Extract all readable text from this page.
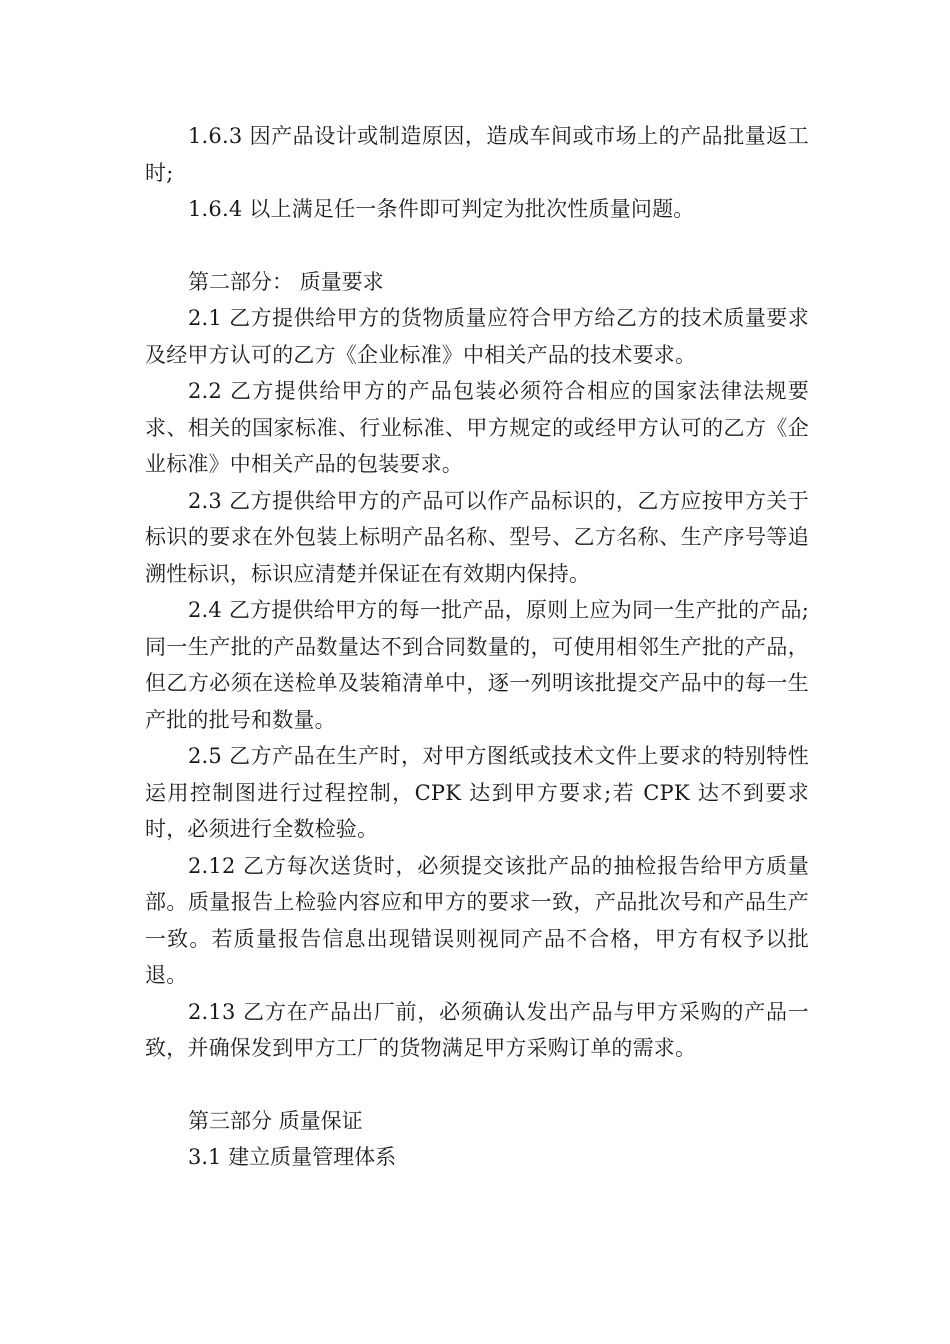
1.6.3 因产品设计或制造原因，造成车间或市场上的产品批量返工时;

1.6.4 以上满足任一条件即可判定为批次性质量问题。

第二部分： 质量要求

2.1 乙方提供给甲方的货物质量应符合甲方给乙方的技术质量要求及经甲方认可的乙方《企业标准》中相关产品的技术要求。

2.2 乙方提供给甲方的产品包装必须符合相应的国家法律法规要求、相关的国家标准、行业标准、甲方规定的或经甲方认可的乙方《企业标准》中相关产品的包装要求。

2.3 乙方提供给甲方的产品可以作产品标识的，乙方应按甲方关于标识的要求在外包装上标明产品名称、型号、乙方名称、生产序号等追溯性标识，标识应清楚并保证在有效期内保持。

2.4 乙方提供给甲方的每一批产品，原则上应为同一生产批的产品;同一生产批的产品数量达不到合同数量的，可使用相邻生产批的产品，但乙方必须在送检单及装箱清单中，逐一列明该批提交产品中的每一生产批的批号和数量。

2.5 乙方产品在生产时，对甲方图纸或技术文件上要求的特别特性运用控制图进行过程控制，CPK 达到甲方要求;若 CPK 达不到要求时，必须进行全数检验。

2.12 乙方每次送货时，必须提交该批产品的抽检报告给甲方质量部。质量报告上检验内容应和甲方的要求一致，产品批次号和产品生产一致。若质量报告信息出现错误则视同产品不合格，甲方有权予以批退。

2.13 乙方在产品出厂前，必须确认发出产品与甲方采购的产品一致，并确保发到甲方工厂的货物满足甲方采购订单的需求。

第三部分 质量保证

3.1 建立质量管理体系
